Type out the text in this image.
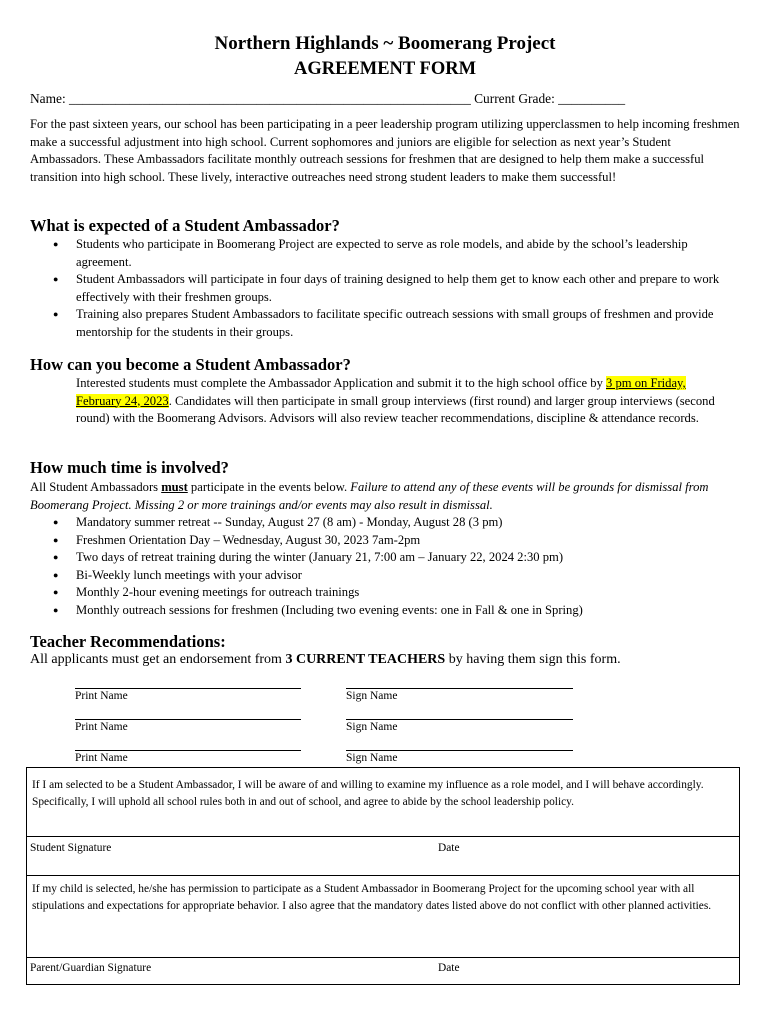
Northern Highlands ~ Boomerang Project
AGREEMENT FORM
Name: ____________________________________________________________ Current Grade: __________
For the past sixteen years, our school has been participating in a peer leadership program utilizing upperclassmen to help incoming freshmen make a successful adjustment into high school. Current sophomores and juniors are eligible for selection as next year’s Student Ambassadors. These Ambassadors facilitate monthly outreach sessions for freshmen that are designed to help them make a successful transition into high school. These lively, interactive outreaches need strong student leaders to make them successful!
What is expected of a Student Ambassador?
● Students who participate in Boomerang Project are expected to serve as role models, and abide by the school’s leadership agreement.
● Student Ambassadors will participate in four days of training designed to help them get to know each other and prepare to work effectively with their freshmen groups.
● Training also prepares Student Ambassadors to facilitate specific outreach sessions with small groups of freshmen and provide mentorship for the students in their groups.
How can you become a Student Ambassador?
Interested students must complete the Ambassador Application and submit it to the high school office by 3 pm on Friday, February 24, 2023. Candidates will then participate in small group interviews (first round) and larger group interviews (second round) with the Boomerang Advisors. Advisors will also review teacher recommendations, discipline & attendance records.
How much time is involved?
All Student Ambassadors must participate in the events below. Failure to attend any of these events will be grounds for dismissal from Boomerang Project. Missing 2 or more trainings and/or events may also result in dismissal.
● Mandatory summer retreat -- Sunday, August 27 (8 am) - Monday, August 28 (3 pm)
● Freshmen Orientation Day – Wednesday, August 30, 2023 7am-2pm
● Two days of retreat training during the winter (January 21, 7:00 am – January 22, 2024 2:30 pm)
● Bi-Weekly lunch meetings with your advisor
● Monthly 2-hour evening meetings for outreach trainings
● Monthly outreach sessions for freshmen (Including two evening events: one in Fall & one in Spring)
Teacher Recommendations:
All applicants must get an endorsement from 3 CURRENT TEACHERS by having them sign this form.
Print Name	Sign Name
Print Name	Sign Name
Print Name	Sign Name
If I am selected to be a Student Ambassador, I will be aware of and willing to examine my influence as a role model, and I will behave accordingly. Specifically, I will uphold all school rules both in and out of school, and agree to abide by the school leadership policy.
Student Signature	Date
If my child is selected, he/she has permission to participate as a Student Ambassador in Boomerang Project for the upcoming school year with all stipulations and expectations for appropriate behavior. I also agree that the mandatory dates listed above do not conflict with other planned activities.
Parent/Guardian Signature	Date
